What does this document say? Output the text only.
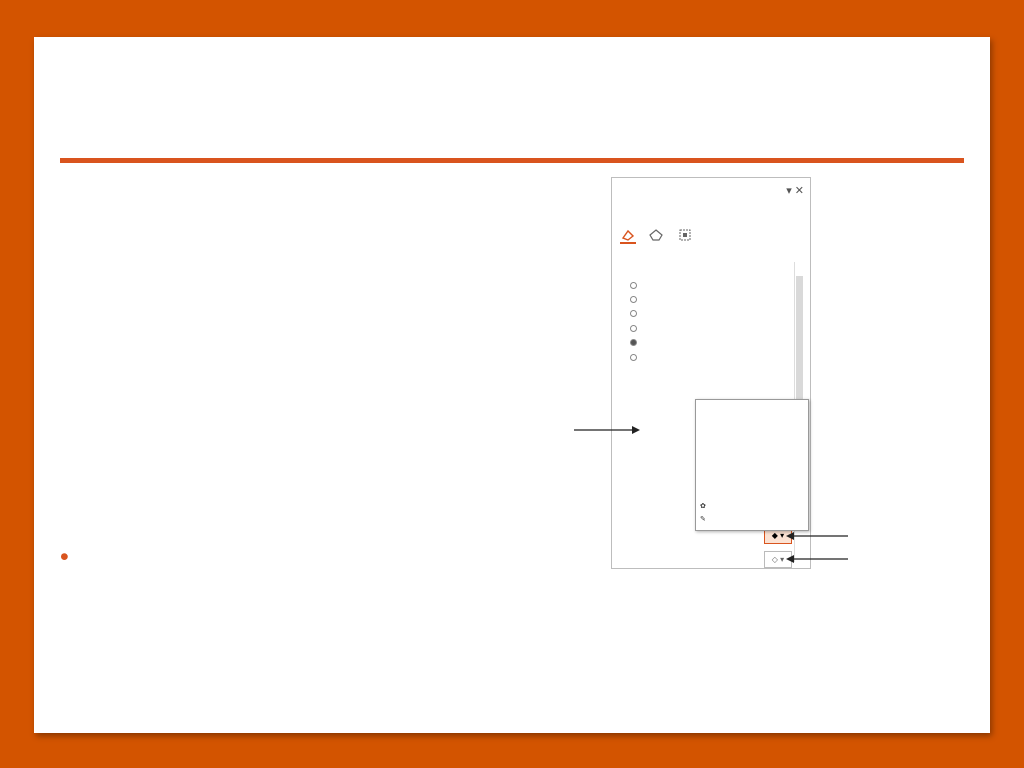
•
▾ ✕

◆ ▾
◇ ▾
✿
✎
